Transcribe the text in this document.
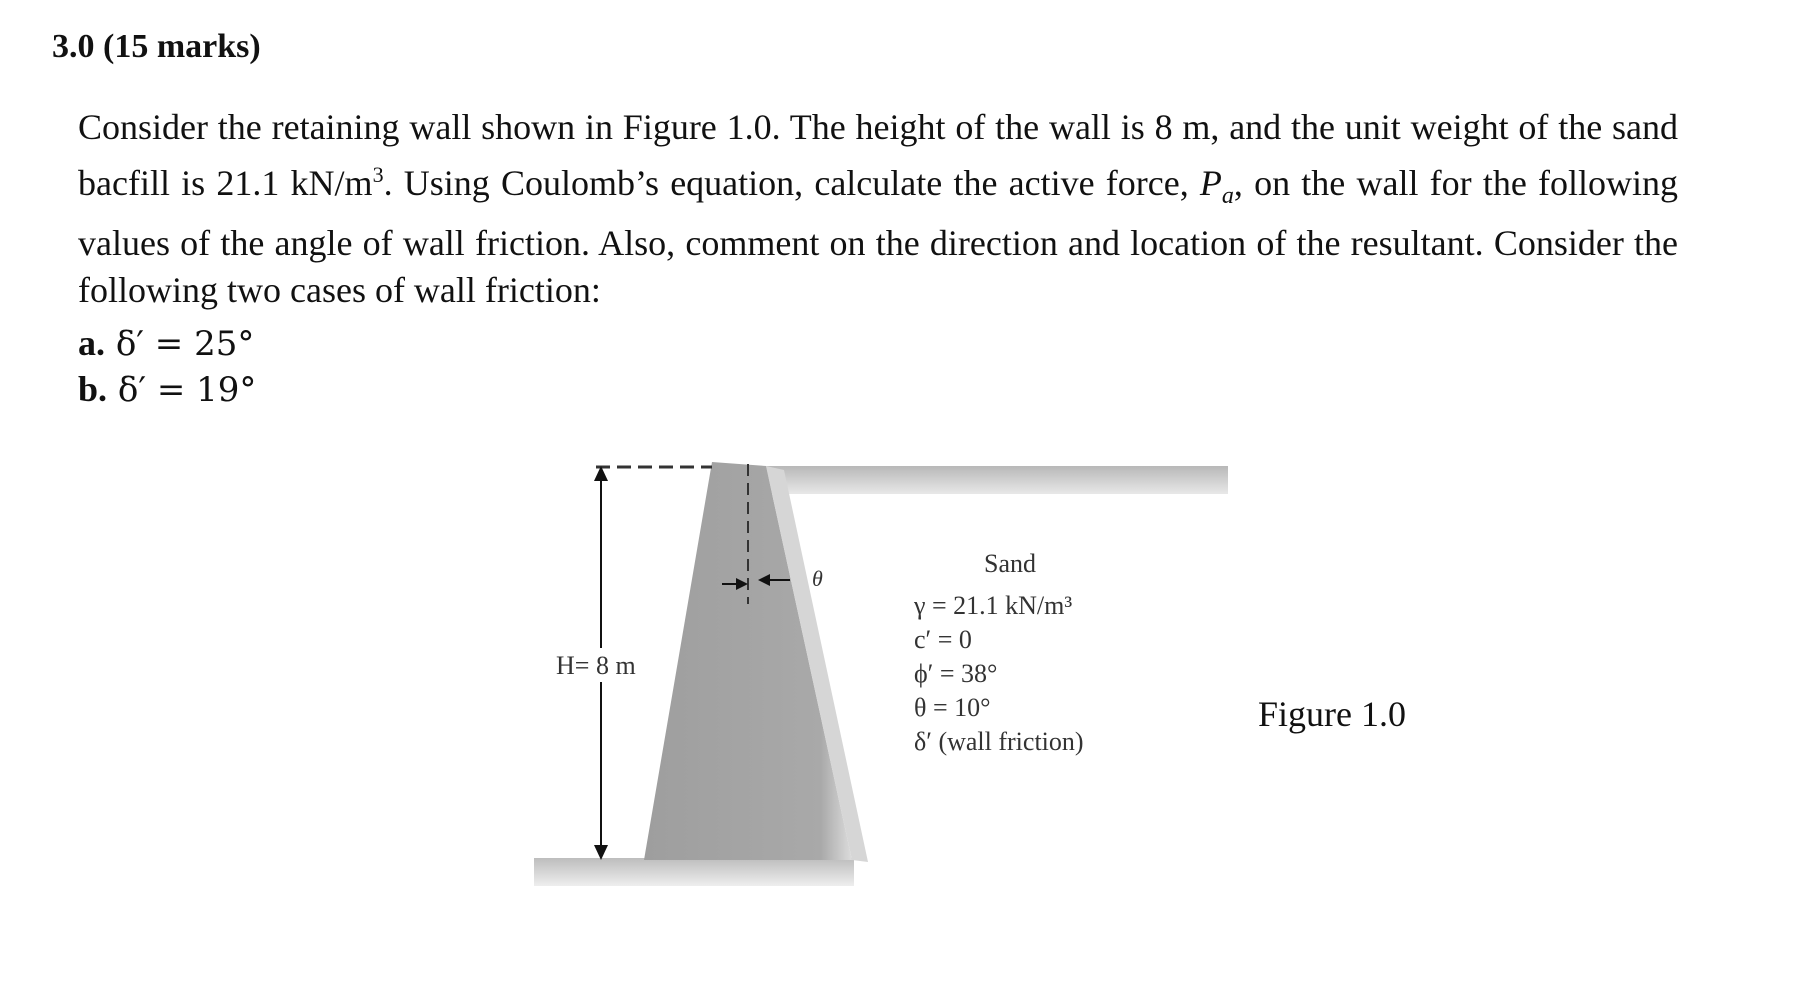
3.0 (15 marks)

Consider the retaining wall shown in Figure 1.0. The height of the wall is 8 m, and the unit weight of the sand bacfill is 21.1 $kN/m^3$. Using Coulomb’s equation, calculate the active force, $P_a$, on the wall for the following values of the angle of wall friction. Also, comment on the direction and location of the resultant. Consider the following two cases of wall friction:

a. δ′ = 25°
b. δ′ = 19°
H= 8 m
θ
Sand
γ = 21.1 kN/m³
c′ = 0
ϕ′ = 38°
θ = 10°
δ′ (wall friction)
Figure 1.0
